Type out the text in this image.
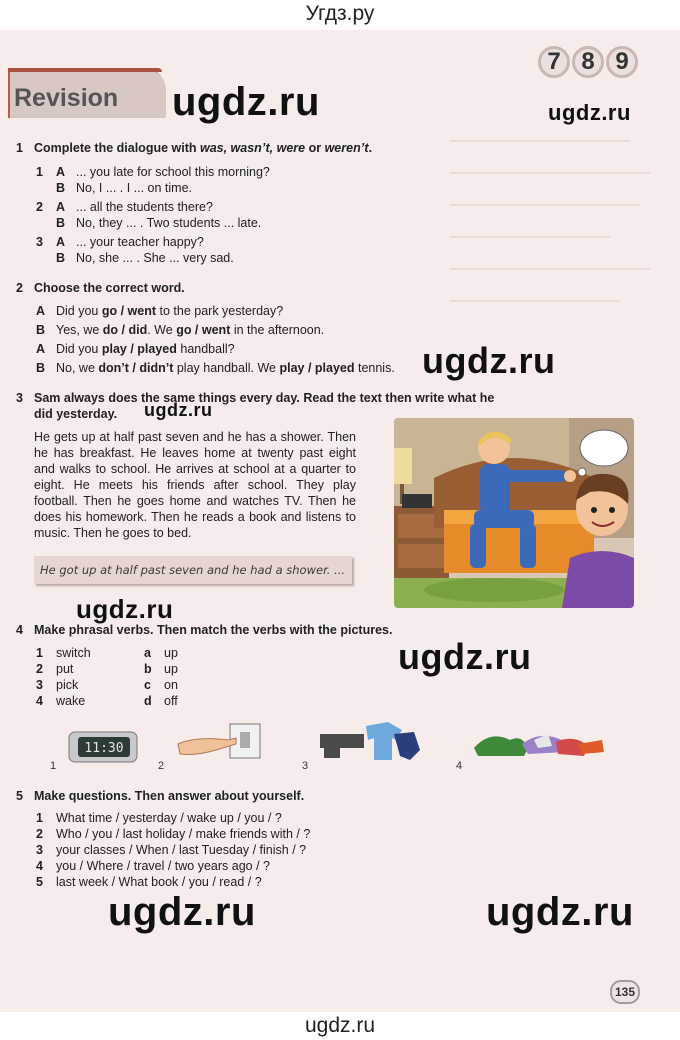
Угдз.ру
Revision
7 8 9
ugdz.ru	ugdz.ru
ugdz.ru
ugdz.ru
ugdz.ru
ugdz.ru
ugdz.ru	ugdz.ru
1 Complete the dialogue with was, wasn’t, were or weren’t.
1 A ... you late for school this morning?
B No, I ... . I ... on time.
2 A ... all the students there?
B No, they ... . Two students ... late.
3 A ... your teacher happy?
B No, she ... . She ... very sad.
2 Choose the correct word.
A Did you go / went to the park yesterday?
B Yes, we do / did. We go / went in the afternoon.
A Did you play / played handball?
B No, we don’t / didn’t play handball. We play / played tennis.
3 Sam always does the same things every day. Read the text then write what he
did yesterday.
He gets up at half past seven and he has a shower. Then he has breakfast. He leaves home at twenty past eight and walks to school. He arrives at school at a quarter to eight. He meets his friends after school. They play football. Then he goes home and watches TV. Then he does his homework. Then he reads a book and listens to music. Then he goes to bed.
He got up at half past seven and he had a shower. ...
4 Make phrasal verbs. Then match the verbs with the pictures.
1 switch	a up
2 put	b up
3 pick	c on
4 wake	d off
1
11:30
2	3	4
5 Make questions. Then answer about yourself.
1 What time / yesterday / wake up / you / ?
2 Who / you / last holiday / make friends with / ?
3 your classes / When / last Tuesday / finish / ?
4 you / Where / travel / two years ago / ?
5 last week / What book / you / read / ?
135
ugdz.ru
